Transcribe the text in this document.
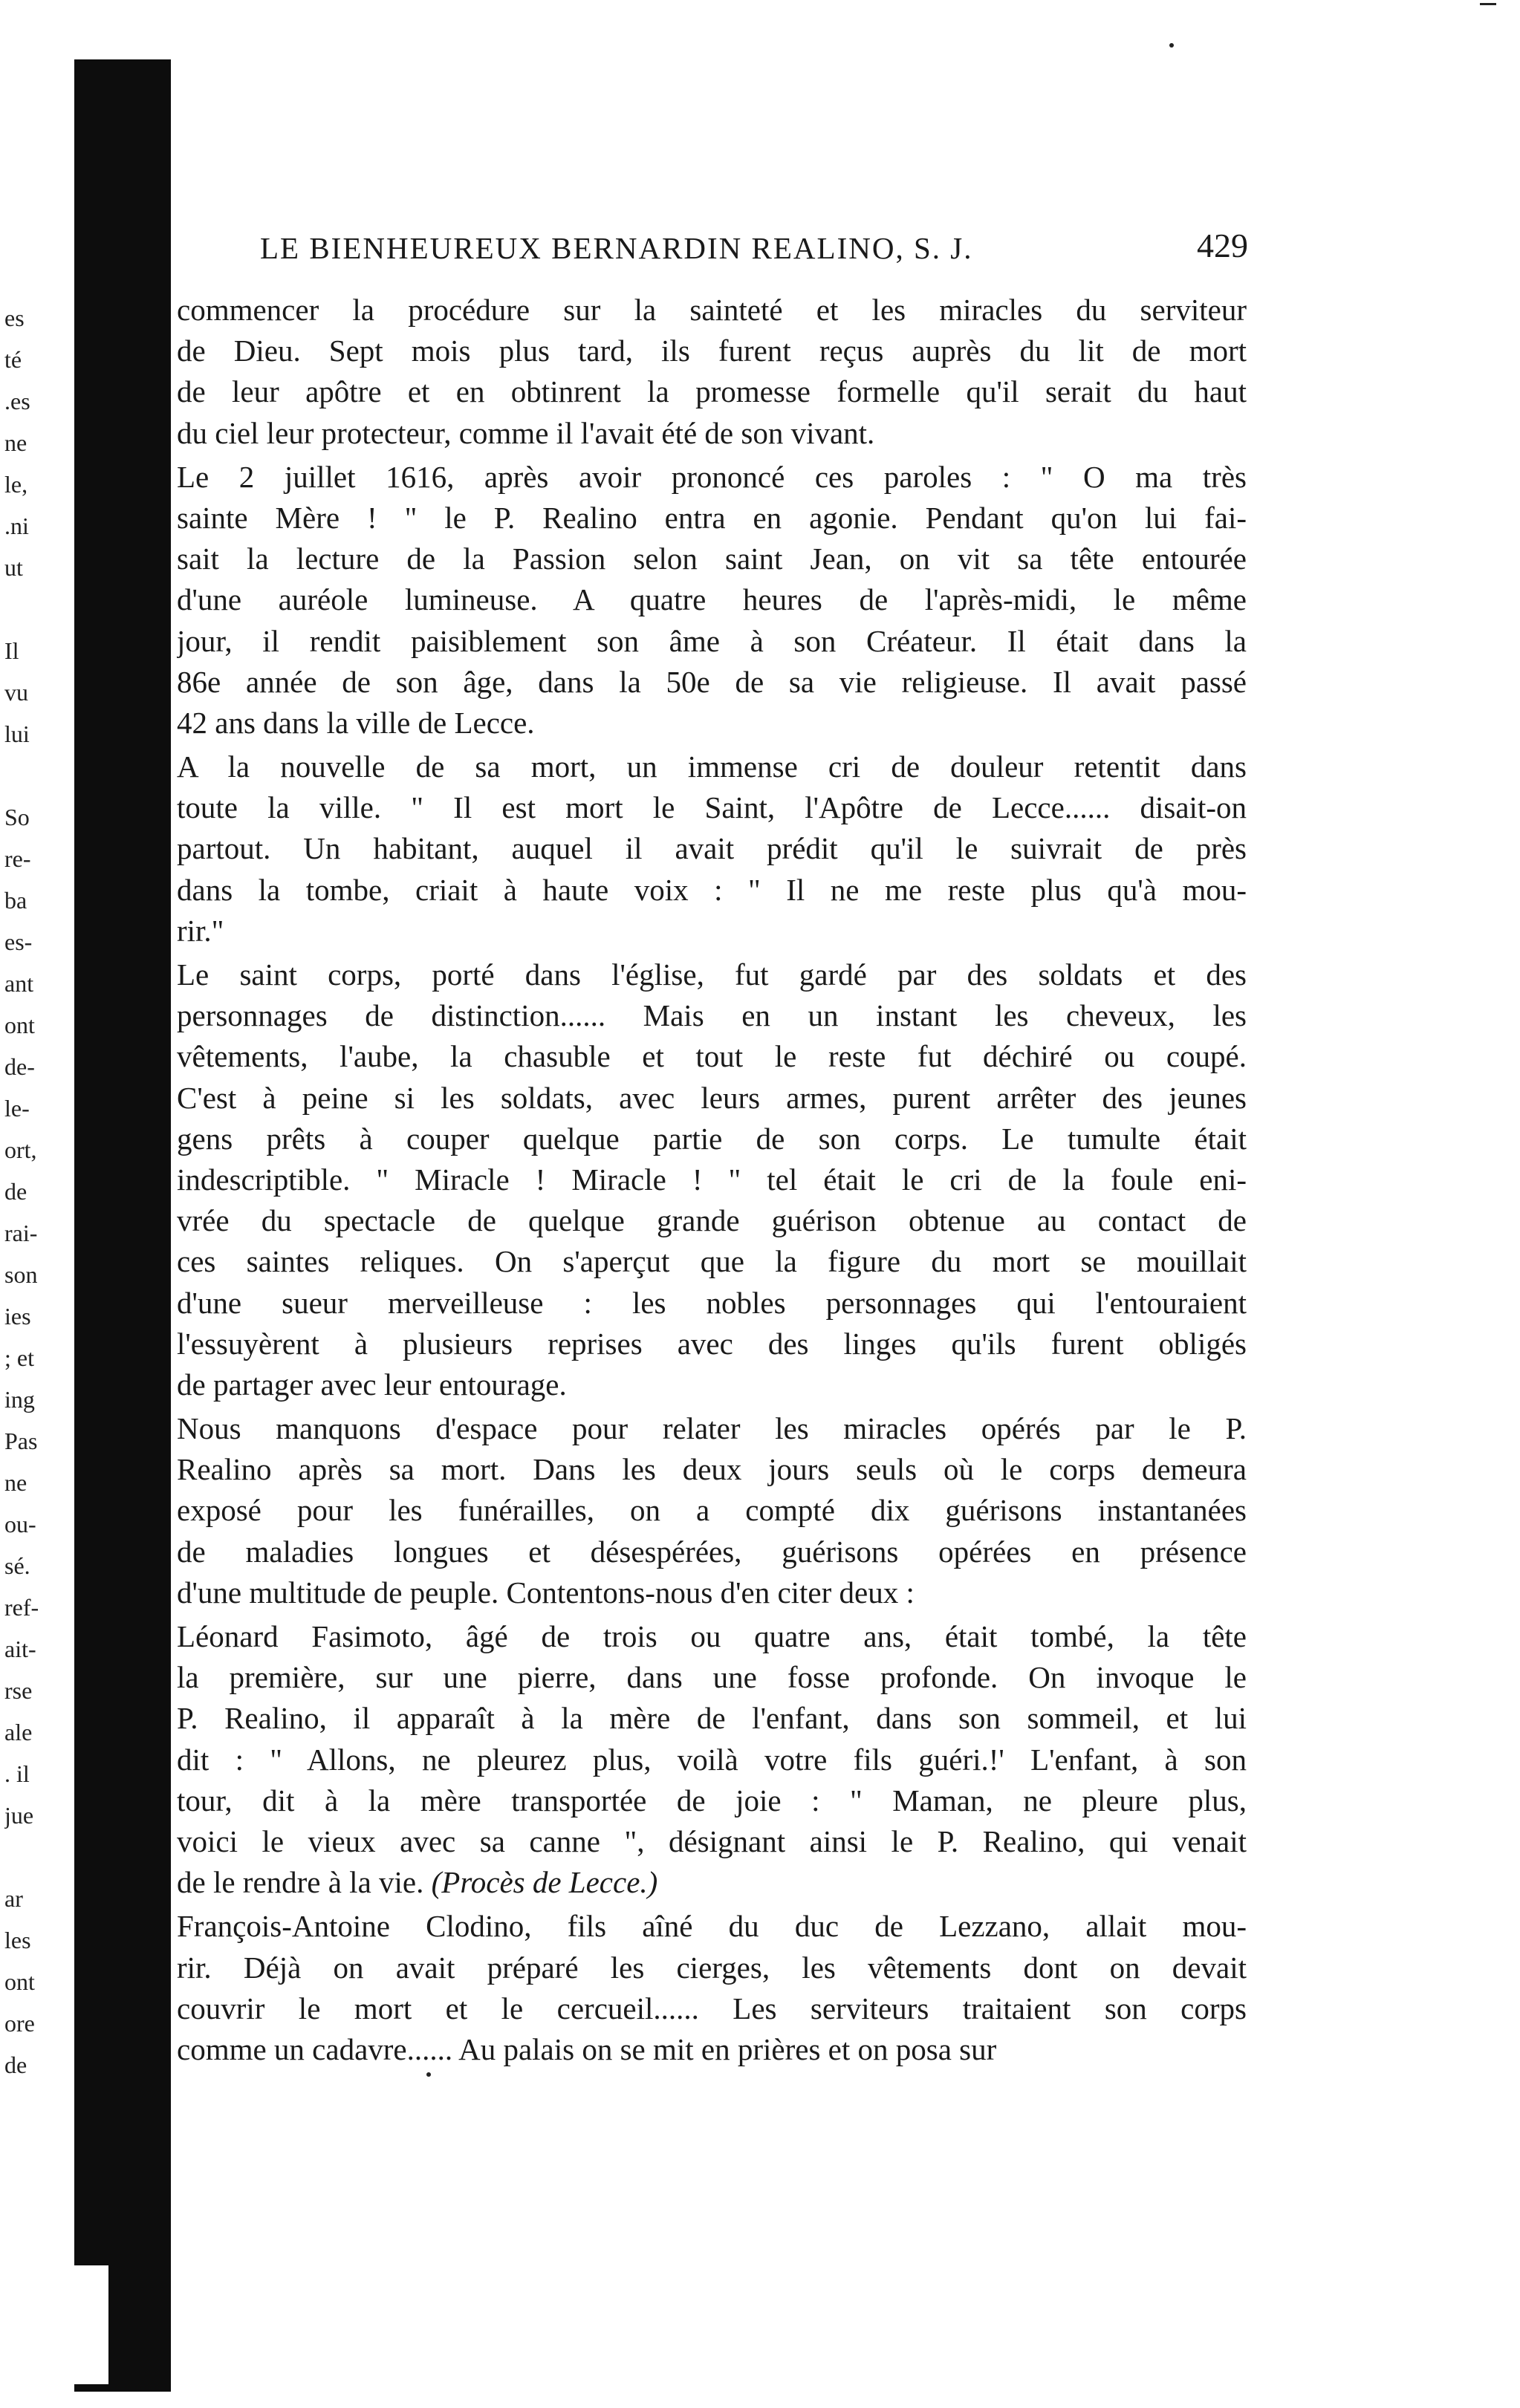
es
té
.es
ne
le,
.ni
ut
Il
vu
lui
So
re-
ba
es-
ant
ont
de-
le-
ort,
de
rai-
son
ies
; et
ing
Pas
ne
ou-
sé.
ref-
ait-
rse
ale
. il
jue
ar
les
ont
ore
de
LE BIENHEUREUX BERNARDIN REALINO, S. J.	429
commencer la procédure sur la sainteté et les miracles du serviteur
de Dieu. Sept mois plus tard, ils furent reçus auprès du lit de mort
de leur apôtre et en obtinrent la promesse formelle qu'il serait du haut
du ciel leur protecteur, comme il l'avait été de son vivant.
Le 2 juillet 1616, après avoir prononcé ces paroles : " O ma très
sainte Mère ! " le P. Realino entra en agonie. Pendant qu'on lui fai-
sait la lecture de la Passion selon saint Jean, on vit sa tête entourée
d'une auréole lumineuse. A quatre heures de l'après-midi, le même
jour, il rendit paisiblement son âme à son Créateur. Il était dans la
86e année de son âge, dans la 50e de sa vie religieuse. Il avait passé
42 ans dans la ville de Lecce.
A la nouvelle de sa mort, un immense cri de douleur retentit dans
toute la ville. " Il est mort le Saint, l'Apôtre de Lecce...... disait-on
partout. Un habitant, auquel il avait prédit qu'il le suivrait de près
dans la tombe, criait à haute voix : " Il ne me reste plus qu'à mou-
rir."
Le saint corps, porté dans l'église, fut gardé par des soldats et des
personnages de distinction...... Mais en un instant les cheveux, les
vêtements, l'aube, la chasuble et tout le reste fut déchiré ou coupé.
C'est à peine si les soldats, avec leurs armes, purent arrêter des jeunes
gens prêts à couper quelque partie de son corps. Le tumulte était
indescriptible. " Miracle ! Miracle ! " tel était le cri de la foule eni-
vrée du spectacle de quelque grande guérison obtenue au contact de
ces saintes reliques. On s'aperçut que la figure du mort se mouillait
d'une sueur merveilleuse : les nobles personnages qui l'entouraient
l'essuyèrent à plusieurs reprises avec des linges qu'ils furent obligés
de partager avec leur entourage.
Nous manquons d'espace pour relater les miracles opérés par le P.
Realino après sa mort. Dans les deux jours seuls où le corps demeura
exposé pour les funérailles, on a compté dix guérisons instantanées
de maladies longues et désespérées, guérisons opérées en présence
d'une multitude de peuple. Contentons-nous d'en citer deux :
Léonard Fasimoto, âgé de trois ou quatre ans, était tombé, la tête
la première, sur une pierre, dans une fosse profonde. On invoque le
P. Realino, il apparaît à la mère de l'enfant, dans son sommeil, et lui
dit : " Allons, ne pleurez plus, voilà votre fils guéri.!' L'enfant, à son
tour, dit à la mère transportée de joie : " Maman, ne pleure plus,
voici le vieux avec sa canne ", désignant ainsi le P. Realino, qui venait
de le rendre à la vie. (Procès de Lecce.)
François-Antoine Clodino, fils aîné du duc de Lezzano, allait mou-
rir. Déjà on avait préparé les cierges, les vêtements dont on devait
couvrir le mort et le cercueil...... Les serviteurs traitaient son corps
comme un cadavre...... Au palais on se mit en prières et on posa sur
